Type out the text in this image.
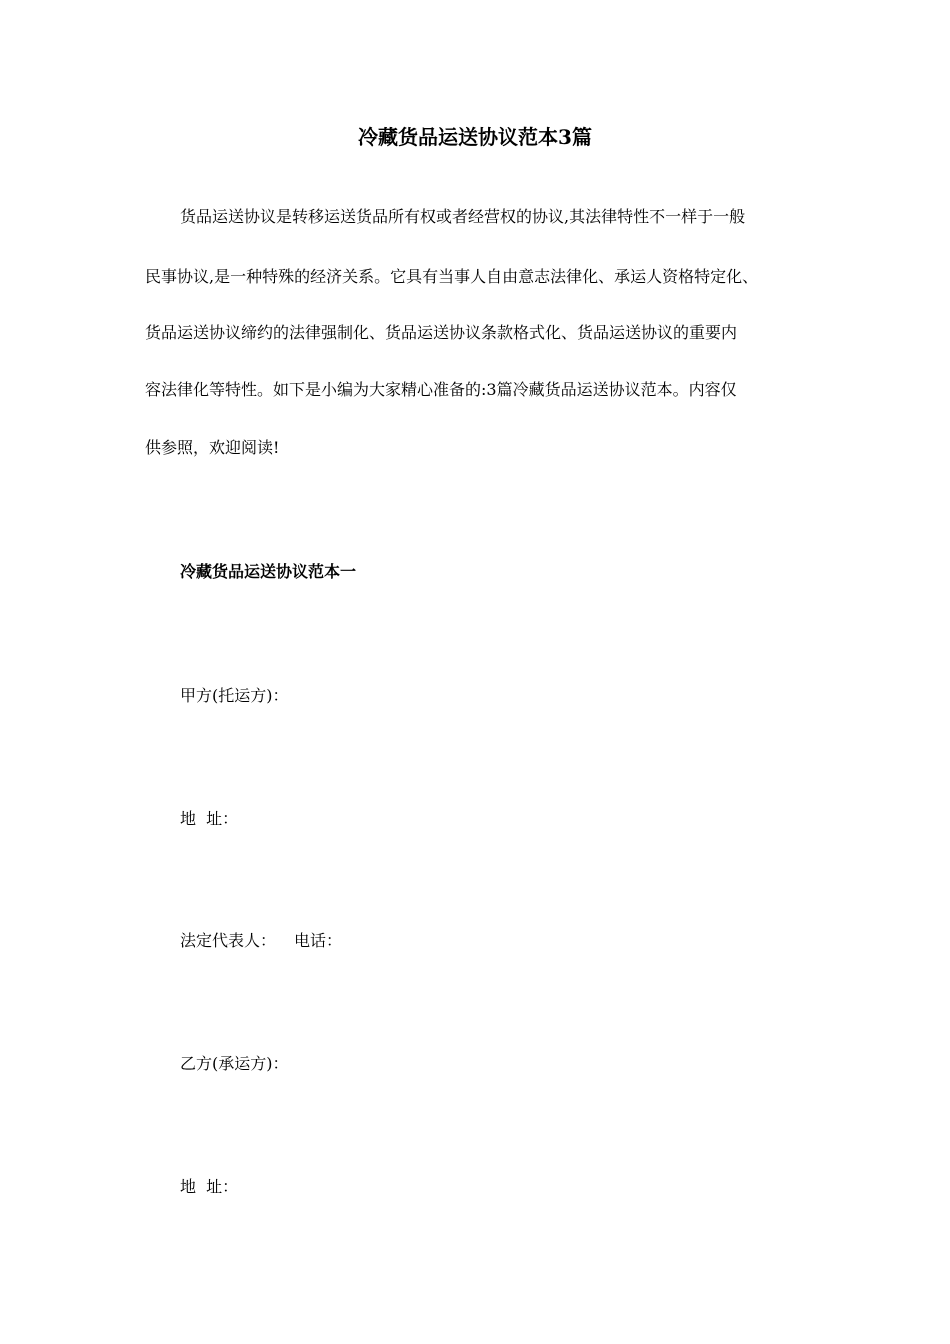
冷藏货品运送协议范本3篇
货品运送协议是转移运送货品所有权或者经营权的协议,其法律特性不一样于一般
民事协议,是一种特殊的经济关系。它具有当事人自由意志法律化、承运人资格特定化、
货品运送协议缔约的法律强制化、货品运送协议条款格式化、货品运送协议的重要内
容法律化等特性。如下是小编为大家精心准备的:3篇冷藏货品运送协议范本。内容仅
供参照，欢迎阅读!
冷藏货品运送协议范本一
甲方(托运方)：
地  址：
法定代表人： 电话：
乙方(承运方)：
地  址：
